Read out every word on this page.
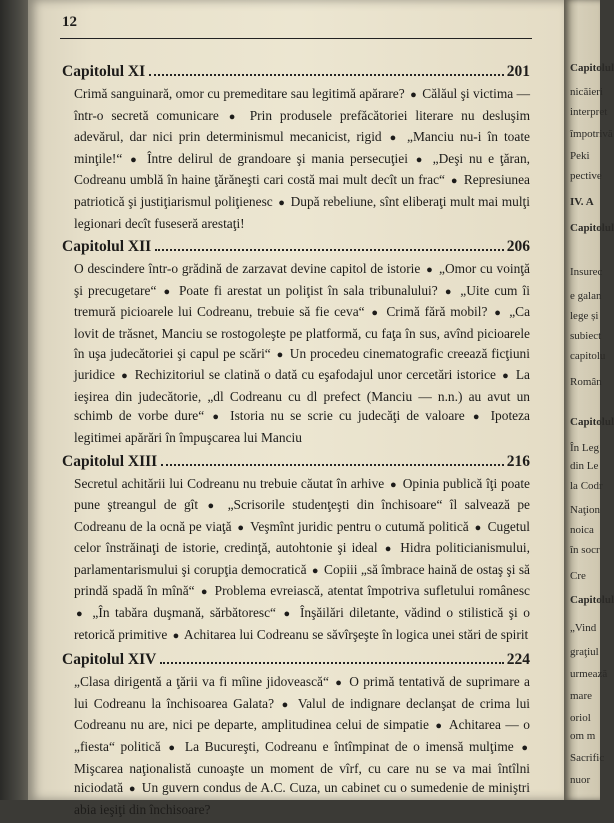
12
Capitolul XI	201

Crimă sanguinară, omor cu premeditare sau legitimă apărare? ● Călăul şi victima — într-o secretă comunicare ● Prin produsele prefăcătoriei literare nu desluşim adevărul, dar nici prin determinismul mecanicist, rigid ● „Manciu nu-i în toate minţile!“ ● Între delirul de grandoare şi mania persecuţiei ● „Deşi nu e ţăran, Codreanu umblă în haine ţărăneşti cari costă mai mult decît un frac“ ● Represiunea patriotică şi justiţiarismul poliţienesc ● După rebeliune, sînt eliberaţi mult mai mulţi legionari decît fuseseră arestaţi!

Capitolul XII	206

O descindere într-o grădină de zarzavat devine capitol de istorie ● „Omor cu voinţă şi precugetare“ ● Poate fi arestat un poliţist în sala tribunalului? ● „Uite cum îi tremură picioarele lui Codreanu, trebuie să fie ceva“ ● Crimă fără mobil? ● „Ca lovit de trăsnet, Manciu se rostogoleşte pe platformă, cu faţa în sus, avînd picioarele în uşa judecătoriei şi capul pe scări“ ● Un procedeu cinematografic creează ficţiuni juridice ● Rechizitoriul se clatină o dată cu eşafodajul unor cercetări istorice ● La ieşirea din judecătorie, „dl Codreanu cu dl prefect (Manciu — n.n.) au avut un schimb de vorbe dure“ ● Istoria nu se scrie cu judecăţi de valoare ● Ipoteza legitimei apărări în împuşcarea lui Manciu

Capitolul XIII	216

Secretul achitării lui Codreanu nu trebuie căutat în arhive ● Opinia publică îţi poate pune ştreangul de gît ● „Scrisorile studenţeşti din închisoare“ îl salvează pe Codreanu de la ocnă pe viaţă ● Veşmînt juridic pentru o cutumă politică ● Cugetul celor înstrăinaţi de istorie, credinţă, autohtonie şi ideal ● Hidra politicianismului, parlamentarismului şi corupţia democratică ● Copiii „să îmbrace haină de ostaş şi să prindă spadă în mînă“ ● Problema evreiască, atentat împotriva sufletului românesc ● „În tabăra duşmană, sărbătoresc“ ● Înşăilări diletante, vădind o stilistică şi o retorică primitive ● Achitarea lui Codreanu se săvîrşeşte în logica unei stări de spirit

Capitolul XIV	224

„Clasa dirigentă a ţării va fi mîine jidovească“ ● O primă tentativă de suprimare a lui Codreanu la închisoarea Galata? ● Valul de indignare declanşat de crima lui Codreanu nu are, nici pe departe, amplitudinea celui de simpatie ● Achitarea — o „fiesta“ politică ● La Bucureşti, Codreanu e întîmpinat de o imensă mulţime ● Mişcarea naţionalistă cunoaşte un moment de vîrf, cu care nu se va mai întîlni niciodată ● Un guvern condus de A.C. Cuza, un cabinet cu o sumedenie de miniştri abia ieşiţi din închisoare?

Capitolul
nicăieri
interpret
împotrivă
Peki
pective
IV. A
Capitolul
Insurec
e galan
lege și
subiect
capitolu
Român
Capitolul
În Leg
din Le
la Codr
Naţion
noica
în socr
Cre
Capitolul
„Vind
graţiul
urmează
mare
oriol
om m
Sacrific
nuor
